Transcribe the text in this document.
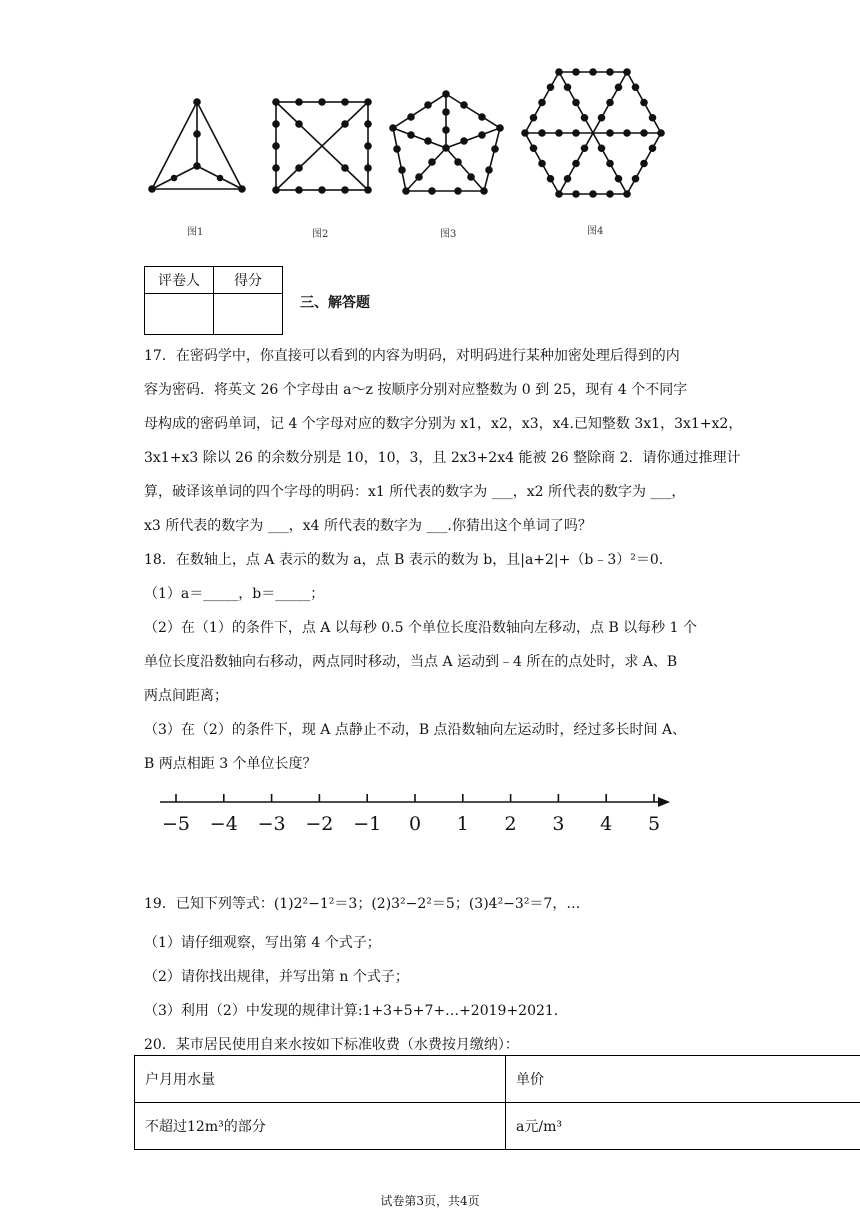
图1	图2	图3	图4
评卷人	得分

三、解答题
17．在密码学中，你直接可以看到的内容为明码，对明码进行某种加密处理后得到的内
容为密码．将英文 26 个字母由 a～z 按顺序分别对应整数为 0 到 25，现有 4 个不同字
母构成的密码单词，记 4 个字母对应的数字分别为 x1，x2，x3，x4.已知整数 3x1，3x1+x2，
3x1+x3 除以 26 的余数分别是 10，10，3，且 2x3+2x4 能被 26 整除商 2．请你通过推理计
算，破译该单词的四个字母的明码：x1 所代表的数字为 ___，x2 所代表的数字为 ___，
x3 所代表的数字为 ___，x4 所代表的数字为 ___.你猜出这个单词了吗？
18．在数轴上，点 A 表示的数为 a，点 B 表示的数为 b，且|a+2|+（b﹣3）²＝0.
（1）a＝_____，b＝_____；
（2）在（1）的条件下，点 A 以每秒 0.5 个单位长度沿数轴向左移动，点 B 以每秒 1 个
单位长度沿数轴向右移动，两点同时移动，当点 A 运动到﹣4 所在的点处时，求 A、B
两点间距离；
（3）在（2）的条件下，现 A 点静止不动，B 点沿数轴向左运动时，经过多长时间 A、
B 两点相距 3 个单位长度？
−5 −4 −3 −2 −1 0 1 2 3 4 5
19．已知下列等式：(1)2²−1²＝3；(2)3²−2²＝5；(3)4²−3²＝7，…
（1）请仔细观察，写出第 4 个式子；
（2）请你找出规律，并写出第 n 个式子；
（3）利用（2）中发现的规律计算:1+3+5+7+…+2019+2021．
20．某市居民使用自来水按如下标准收费（水费按月缴纳）：
户月用水量	单价
不超过12m³的部分	a元/m³
试卷第3页，共4页
